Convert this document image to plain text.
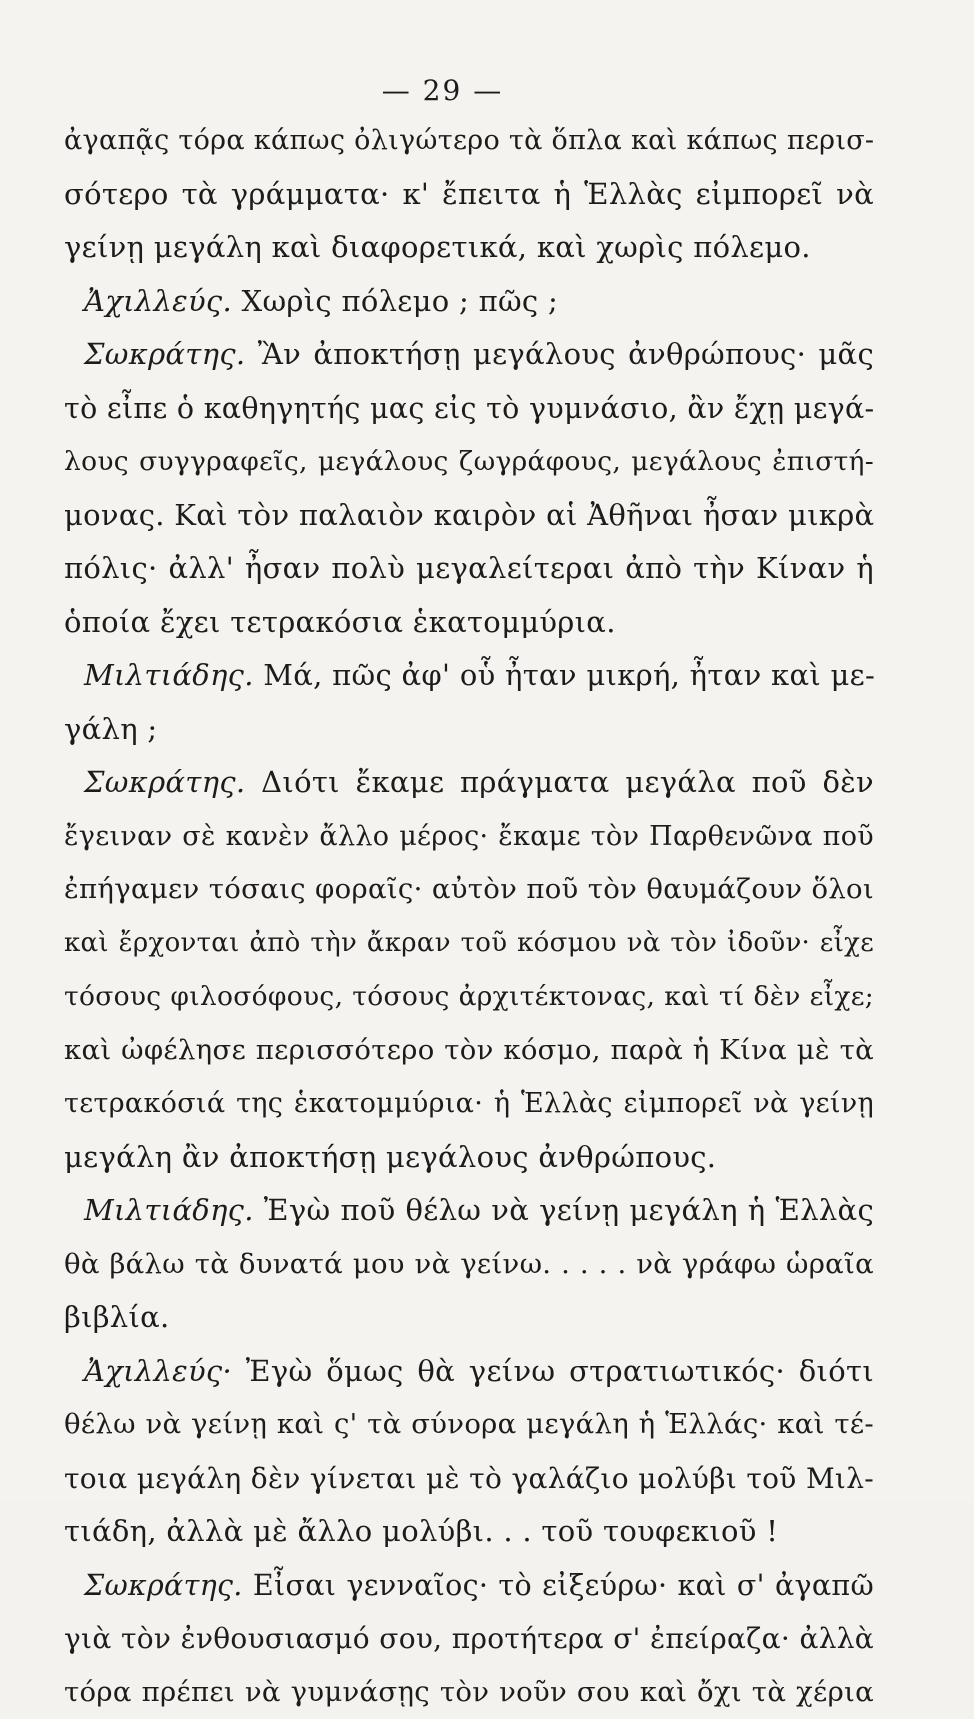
— 29 —
ἀγαπᾷς τόρα κάπως ὀλιγώτερο τὰ ὅπλα καὶ κάπως περισ-
σότερο τὰ γράμματα· κ' ἔπειτα ἡ Ἑλλὰς εἰμπορεῖ νὰ
γείνῃ μεγάλη καὶ διαφορετικά, καὶ χωρὶς πόλεμο.
Ἀχιλλεύς. Χωρὶς πόλεμο ; πῶς ;
Σωκράτης. Ἂν ἀποκτήσῃ μεγάλους ἀνθρώπους· μᾶς
τὸ εἶπε ὁ καθηγητής μας εἰς τὸ γυμνάσιο, ἂν ἔχῃ μεγά-
λους συγγραφεῖς, μεγάλους ζωγράφους, μεγάλους ἐπιστή-
μονας. Καὶ τὸν παλαιὸν καιρὸν αἱ Ἀθῆναι ἦσαν μικρὰ
πόλις· ἀλλ' ἦσαν πολὺ μεγαλείτεραι ἀπὸ τὴν Κίναν ἡ
ὁποία ἔχει τετρακόσια ἑκατομμύρια.
Μιλτιάδης. Μά, πῶς ἀφ' οὗ ἦταν μικρή, ἦταν καὶ με-
γάλη ;
Σωκράτης. Διότι ἔκαμε πράγματα μεγάλα ποῦ δὲν
ἔγειναν σὲ κανὲν ἄλλο μέρος· ἔκαμε τὸν Παρθενῶνα ποῦ
ἐπήγαμεν τόσαις φοραῖς· αὐτὸν ποῦ τὸν θαυμάζουν ὅλοι
καὶ ἔρχονται ἀπὸ τὴν ἄκραν τοῦ κόσμου νὰ τὸν ἰδοῦν· εἶχε
τόσους φιλοσόφους, τόσους ἀρχιτέκτονας, καὶ τί δὲν εἶχε;
καὶ ὠφέλησε περισσότερο τὸν κόσμο, παρὰ ἡ Κίνα μὲ τὰ
τετρακόσιά της ἑκατομμύρια· ἡ Ἑλλὰς εἰμπορεῖ νὰ γείνῃ
μεγάλη ἂν ἀποκτήσῃ μεγάλους ἀνθρώπους.
Μιλτιάδης. Ἐγὼ ποῦ θέλω νὰ γείνῃ μεγάλη ἡ Ἑλλὰς
θὰ βάλω τὰ δυνατά μου νὰ γείνω. . . . . νὰ γράφω ὡραῖα
βιβλία.
Ἀχιλλεύς· Ἐγὼ ὅμως θὰ γείνω στρατιωτικός· διότι
θέλω νὰ γείνῃ καὶ ς' τὰ σύνορα μεγάλη ἡ Ἑλλάς· καὶ τέ-
τοια μεγάλη δὲν γίνεται μὲ τὸ γαλάζιο μολύβι τοῦ Μιλ-
τιάδη, ἀλλὰ μὲ ἄλλο μολύβι. . . τοῦ τουφεκιοῦ !
Σωκράτης. Εἶσαι γενναῖος· τὸ εἰξεύρω· καὶ σ' ἀγαπῶ
γιὰ τὸν ἐνθουσιασμό σου, προτήτερα σ' ἐπείραζα· ἀλλὰ
τόρα πρέπει νὰ γυμνάσῃς τὸν νοῦν σου καὶ ὄχι τὰ χέρια
